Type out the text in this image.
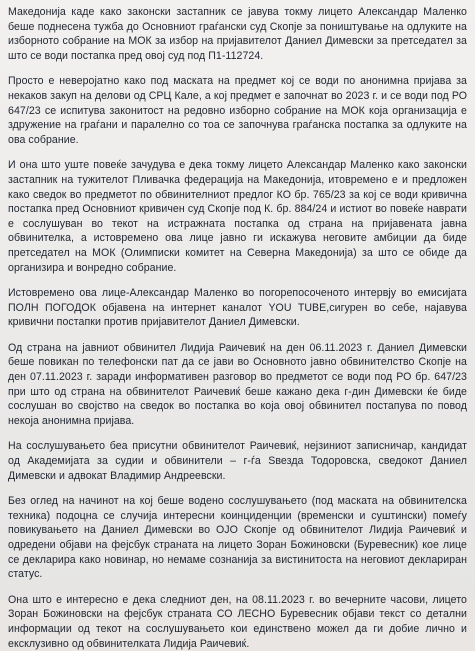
Македонија каде како законски застапник се јавува токму лицето Александар Маленко беше поднесена тужба до Основниот граѓански суд Скопје за поништување на одлуките на изборното собрание на МОК за избор на пријавителот Даниел Димевски за претседател за што се води постапка пред овој суд под П1-112724.

Просто е неверојатно како под маската на предмет кој се води по анонимна пријава за некаков закуп на делови од СРЦ Кале, а кој предмет е започнат во 2023 г. и се води под РО 647/23 се испитува законитост на редовно изборно собрание на МОК која организација е здружение на граѓани и паралелно со тоа се започнува граѓанска постапка за одлуките на ова собрание.

И она што уште повеќе зачудува е дека токму лицето Александар Маленко како законски застапник на тужителот Пливачка федерација на Македонија, итовремено е и предложен како сведок во предметот по обвинителниот предлог КО бр. 765/23 за кој се води кривична постапка пред Основниот кривичен суд Скопје под К. бр. 884/24 и истиот во повеќе наврати е сослушуван во текот на истражната постапка од страна на пријавената јавна обвинителка, а истовремено ова лице јавно ги искажува неговите амбиции да биде претседател на МОК (Олимписки комитет на Северна Македонија) за што се обиде да организира и вонредно собрание.

Истовремено ова лице-Александар Маленко во погорепосоченото интервју во емисијата ПОЛН ПОГОДОК објавена на интернет каналот YOU TUBE,сигурен во себе, најавува кривични постапки против пријавителот Даниел Димевски.

Од страна на јавниот обвинител Лидија Раичевиќ на ден 06.11.2023 г. Даниел Димевски беше повикан по телефонски пат да се јави во Основното јавно обвинителство Скопје на ден 07.11.2023 г. заради информативен разговор во предметот се води под РО бр. 647/23 при што од страна на обвинителот Раичевиќ беше кажано дека г-дин Димевски ќе биде сослушан во својство на сведок во постапка во која овој обвинител постапува по повод некоја анонимна пријава.

На сослушувањето беа присутни обвинителот Раичевиќ, нејзиниот записничар, кандидат од Академијата за судии и обвинители – г-ѓа Ѕвезда Тодоровска, сведокот Даниел Димевски и адвокат Владимир Андреевски.

Без оглед на начинот на кој беше водено сослушувањето (под маската на обвинителска техника) подоцна се случија интересни коинциденции (временски и суштински) помеѓу повикувањето на Даниел Димевски во ОЈО Скопје од обвинителот Лидија Раичевиќ и одредени објави на фејсбук страната на лицето Зоран Божиновски (Буревесник) кое лице се декларира како новинар, но немаме сознанија за вистинитоста на неговиот деклариран статус.

Она што е интересно е дека следниот ден, на 08.11.2023 г. во вечерните часови, лицето Зоран Божиновски на фејсбук страната СО ЛЕСНО Буревесник објави текст со детални информации од текот на сослушувањето кои единствено можел да ги добие лично и ексклузивно од обвинителката Лидија Раичевиќ.
